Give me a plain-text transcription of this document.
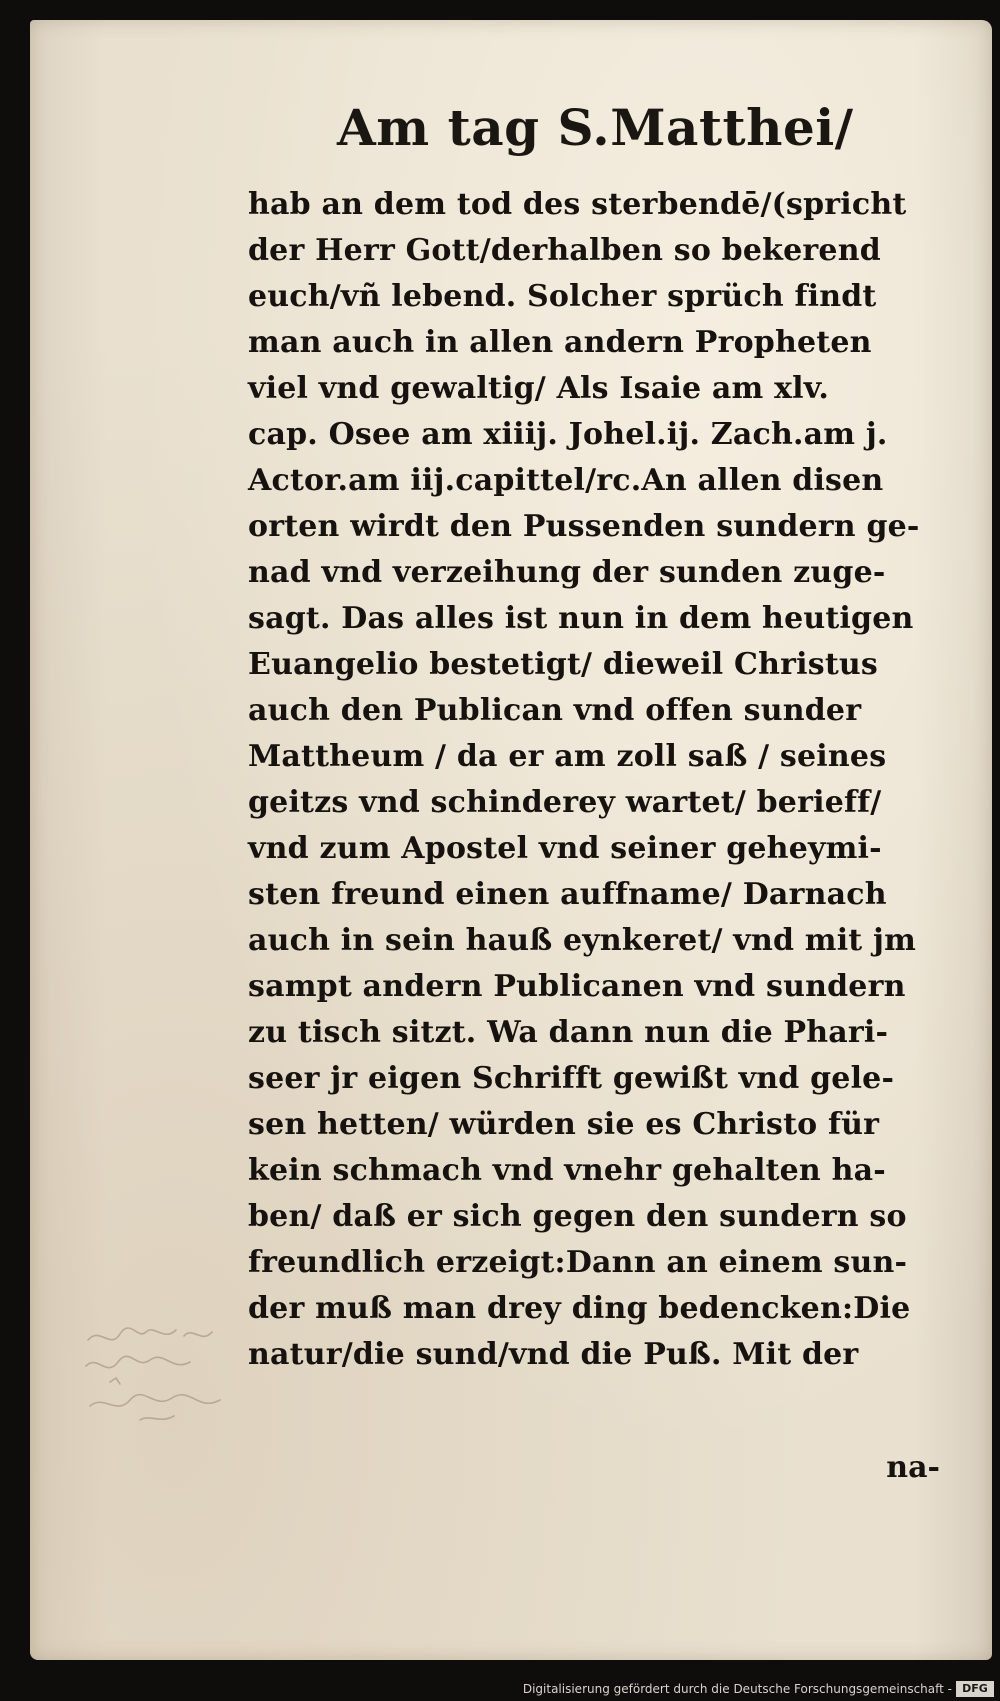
Am tag S.Matthei/
hab an dem tod des sterbendē/(spricht
der Herr Gott/derhalben so bekerend
euch/vñ lebend. Solcher sprüch findt
man auch in allen andern Propheten
viel vnd gewaltig/ Als Isaie am xlv.
cap. Osee am xiiij. Johel.ij. Zach.am j.
Actor.am iij.capittel/rc.An allen disen
orten wirdt den Pussenden sundern ge-
nad vnd verzeihung der sunden zuge-
sagt. Das alles ist nun in dem heutigen
Euangelio bestetigt/ dieweil Christus
auch den Publican vnd offen sunder
Mattheum / da er am zoll saß / seines
geitzs vnd schinderey wartet/ berieff/
vnd zum Apostel vnd seiner geheymi-
sten freund einen auffname/ Darnach
auch in sein hauß eynkeret/ vnd mit jm
sampt andern Publicanen vnd sundern
zu tisch sitzt. Wa dann nun die Phari-
seer jr eigen Schrifft gewißt vnd gele-
sen hetten/ würden sie es Christo für
kein schmach vnd vnehr gehalten ha-
ben/ daß er sich gegen den sundern so
freundlich erzeigt:Dann an einem sun-
der muß man drey ding bedencken:Die
natur/die sund/vnd die Puß. Mit der
na-
Digitalisierung gefördert durch die Deutsche Forschungsgemeinschaft - DFG
